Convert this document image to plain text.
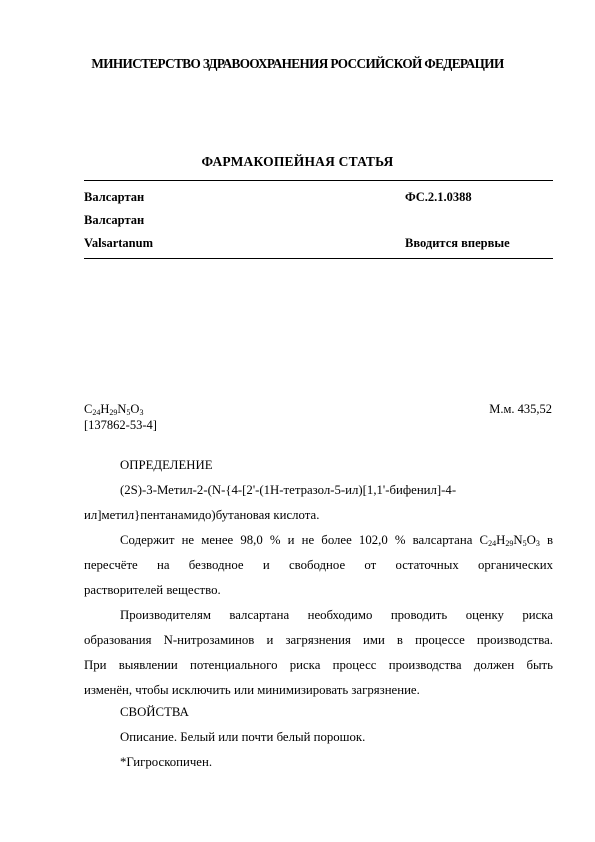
МИНИСТЕРСТВО ЗДРАВООХРАНЕНИЯ РОССИЙСКОЙ ФЕДЕРАЦИИ
ФАРМАКОПЕЙНАЯ СТАТЬЯ
Валсартан	ФС.2.1.0388
Валсартан
Valsartanum	Вводится впервые
$C_{24}H_{29}N_5O_3$	М.м. 435,52
[137862-53-4]
ОПРЕДЕЛЕНИЕ
(2S)-3-Метил-2-(N-{4-[2'-(1H-тетразол-5-ил)[1,1'-бифенил]-4-
ил]метил}пентанамидо)бутановая кислота.
Содержит не менее 98,0 % и не более 102,0 % валсартана $C_{24}H_{29}N_5O_3$ в
пересчёте на безводное и свободное от остаточных органических
растворителей вещество.
Производителям валсартана необходимо проводить оценку риска
образования N-нитрозаминов и загрязнения ими в процессе производства.
При выявлении потенциального риска процесс производства должен быть
изменён, чтобы исключить или минимизировать загрязнение.
СВОЙСТВА
Описание. Белый или почти белый порошок.
*Гигроскопичен.
